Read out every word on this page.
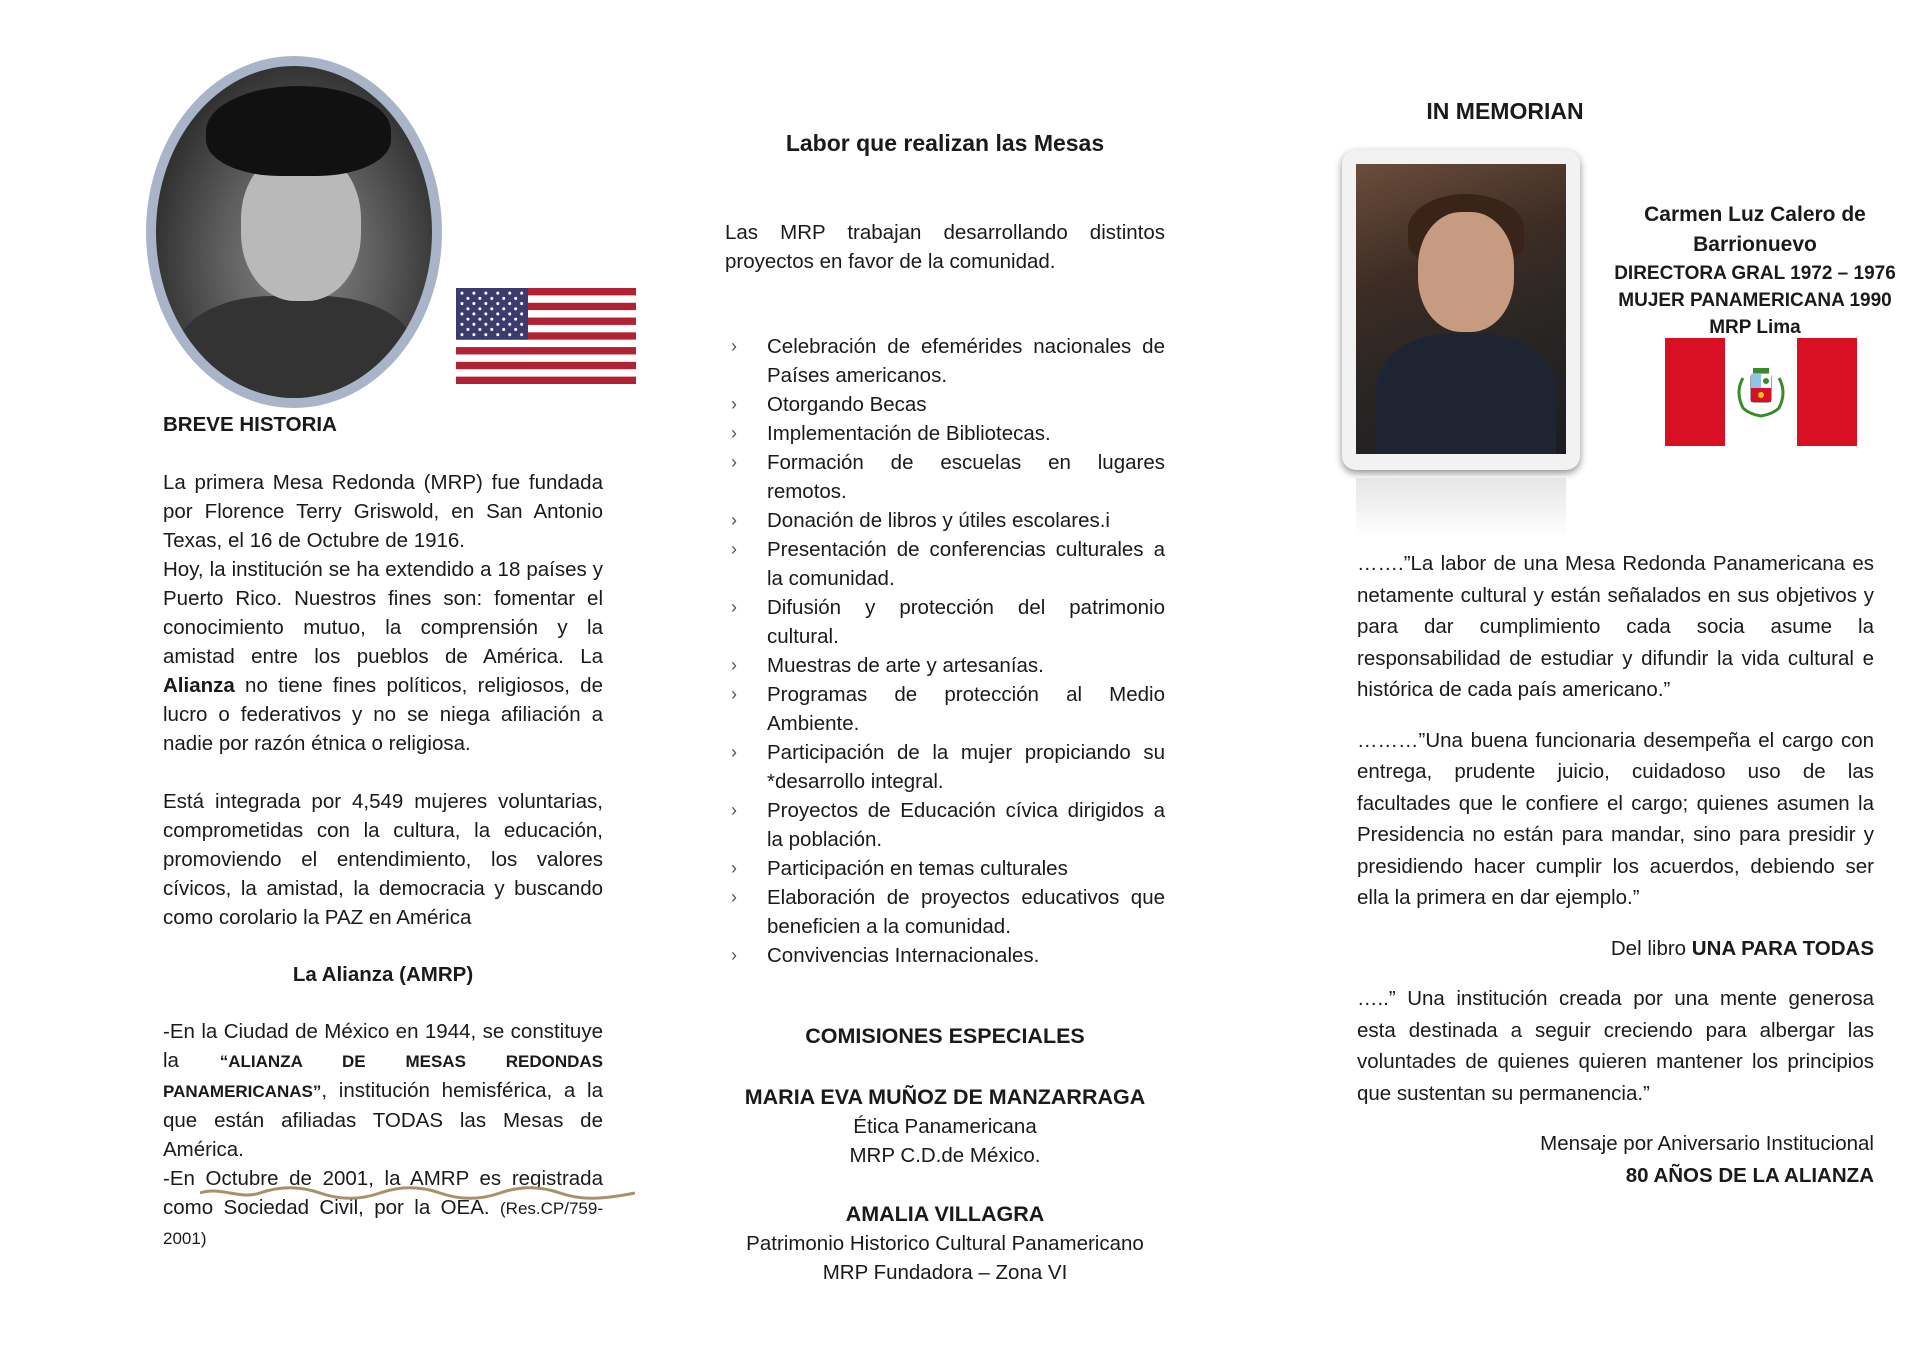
BREVE HISTORIA

La primera Mesa Redonda (MRP) fue fundada por Florence Terry Griswold, en San Antonio Texas, el 16 de Octubre de 1916.

Hoy, la institución se ha extendido a 18 países y Puerto Rico. Nuestros fines son: fomentar el conocimiento mutuo, la comprensión y la amistad entre los pueblos de América. La Alianza no tiene fines políticos, religiosos, de lucro o federativos y no se niega afiliación a nadie por razón étnica o religiosa.

Está integrada por 4,549 mujeres voluntarias, comprometidas con la cultura, la educación, promoviendo el entendimiento, los valores cívicos, la amistad, la democracia y buscando como corolario la PAZ en América

La Alianza (AMRP)

-En la Ciudad de México en 1944, se constituye la “ALIANZA DE MESAS REDONDAS PANAMERICANAS”, institución hemisférica, a la que están afiliadas TODAS las Mesas de América.

-En Octubre de 2001, la AMRP es registrada como Sociedad Civil, por la OEA. (Res.CP/759-2001)

Labor que realizan las Mesas
Las MRP trabajan desarrollando distintos proyectos en favor de la comunidad.
› Celebración de efemérides nacionales de Países americanos.
› Otorgando Becas
› Implementación de Bibliotecas.
› Formación de escuelas en lugares remotos.
› Donación de libros y útiles escolares.i
› Presentación de conferencias culturales a la comunidad.
› Difusión y protección del patrimonio cultural.
› Muestras de arte y artesanías.
› Programas de protección al Medio Ambiente.
› Participación de la mujer propiciando su *desarrollo integral.
› Proyectos de Educación cívica dirigidos a la población.
› Participación en temas culturales
› Elaboración de proyectos educativos que beneficien a la comunidad.
› Convivencias Internacionales.

COMISIONES ESPECIALES

MARIA EVA MUÑOZ DE MANZARRAGA

Ética Panamericana

MRP C.D.de México.

AMALIA VILLAGRA

Patrimonio Historico Cultural Panamericano

MRP Fundadora – Zona VI

IN MEMORIAN
Carmen Luz Calero de
Barrionuevo
DIRECTORA GRAL 1972 – 1976
MUJER PANAMERICANA 1990
MRP Lima

…….”La labor de una Mesa Redonda Panamericana es netamente cultural y están señalados en sus objetivos y para dar cumplimiento cada socia asume la responsabilidad de estudiar y difundir la vida cultural e histórica de cada país americano.”

………”Una buena funcionaria desempeña el cargo con entrega, prudente juicio, cuidadoso uso de las facultades que le confiere el cargo; quienes asumen la Presidencia no están para mandar, sino para presidir y presidiendo hacer cumplir los acuerdos, debiendo ser ella la primera en dar ejemplo.”

Del libro UNA PARA TODAS

…..” Una institución creada por una mente generosa esta destinada a seguir creciendo para albergar las voluntades de quienes quieren mantener los principios que sustentan su permanencia.”

Mensaje por Aniversario Institucional

80 AÑOS DE LA ALIANZA
